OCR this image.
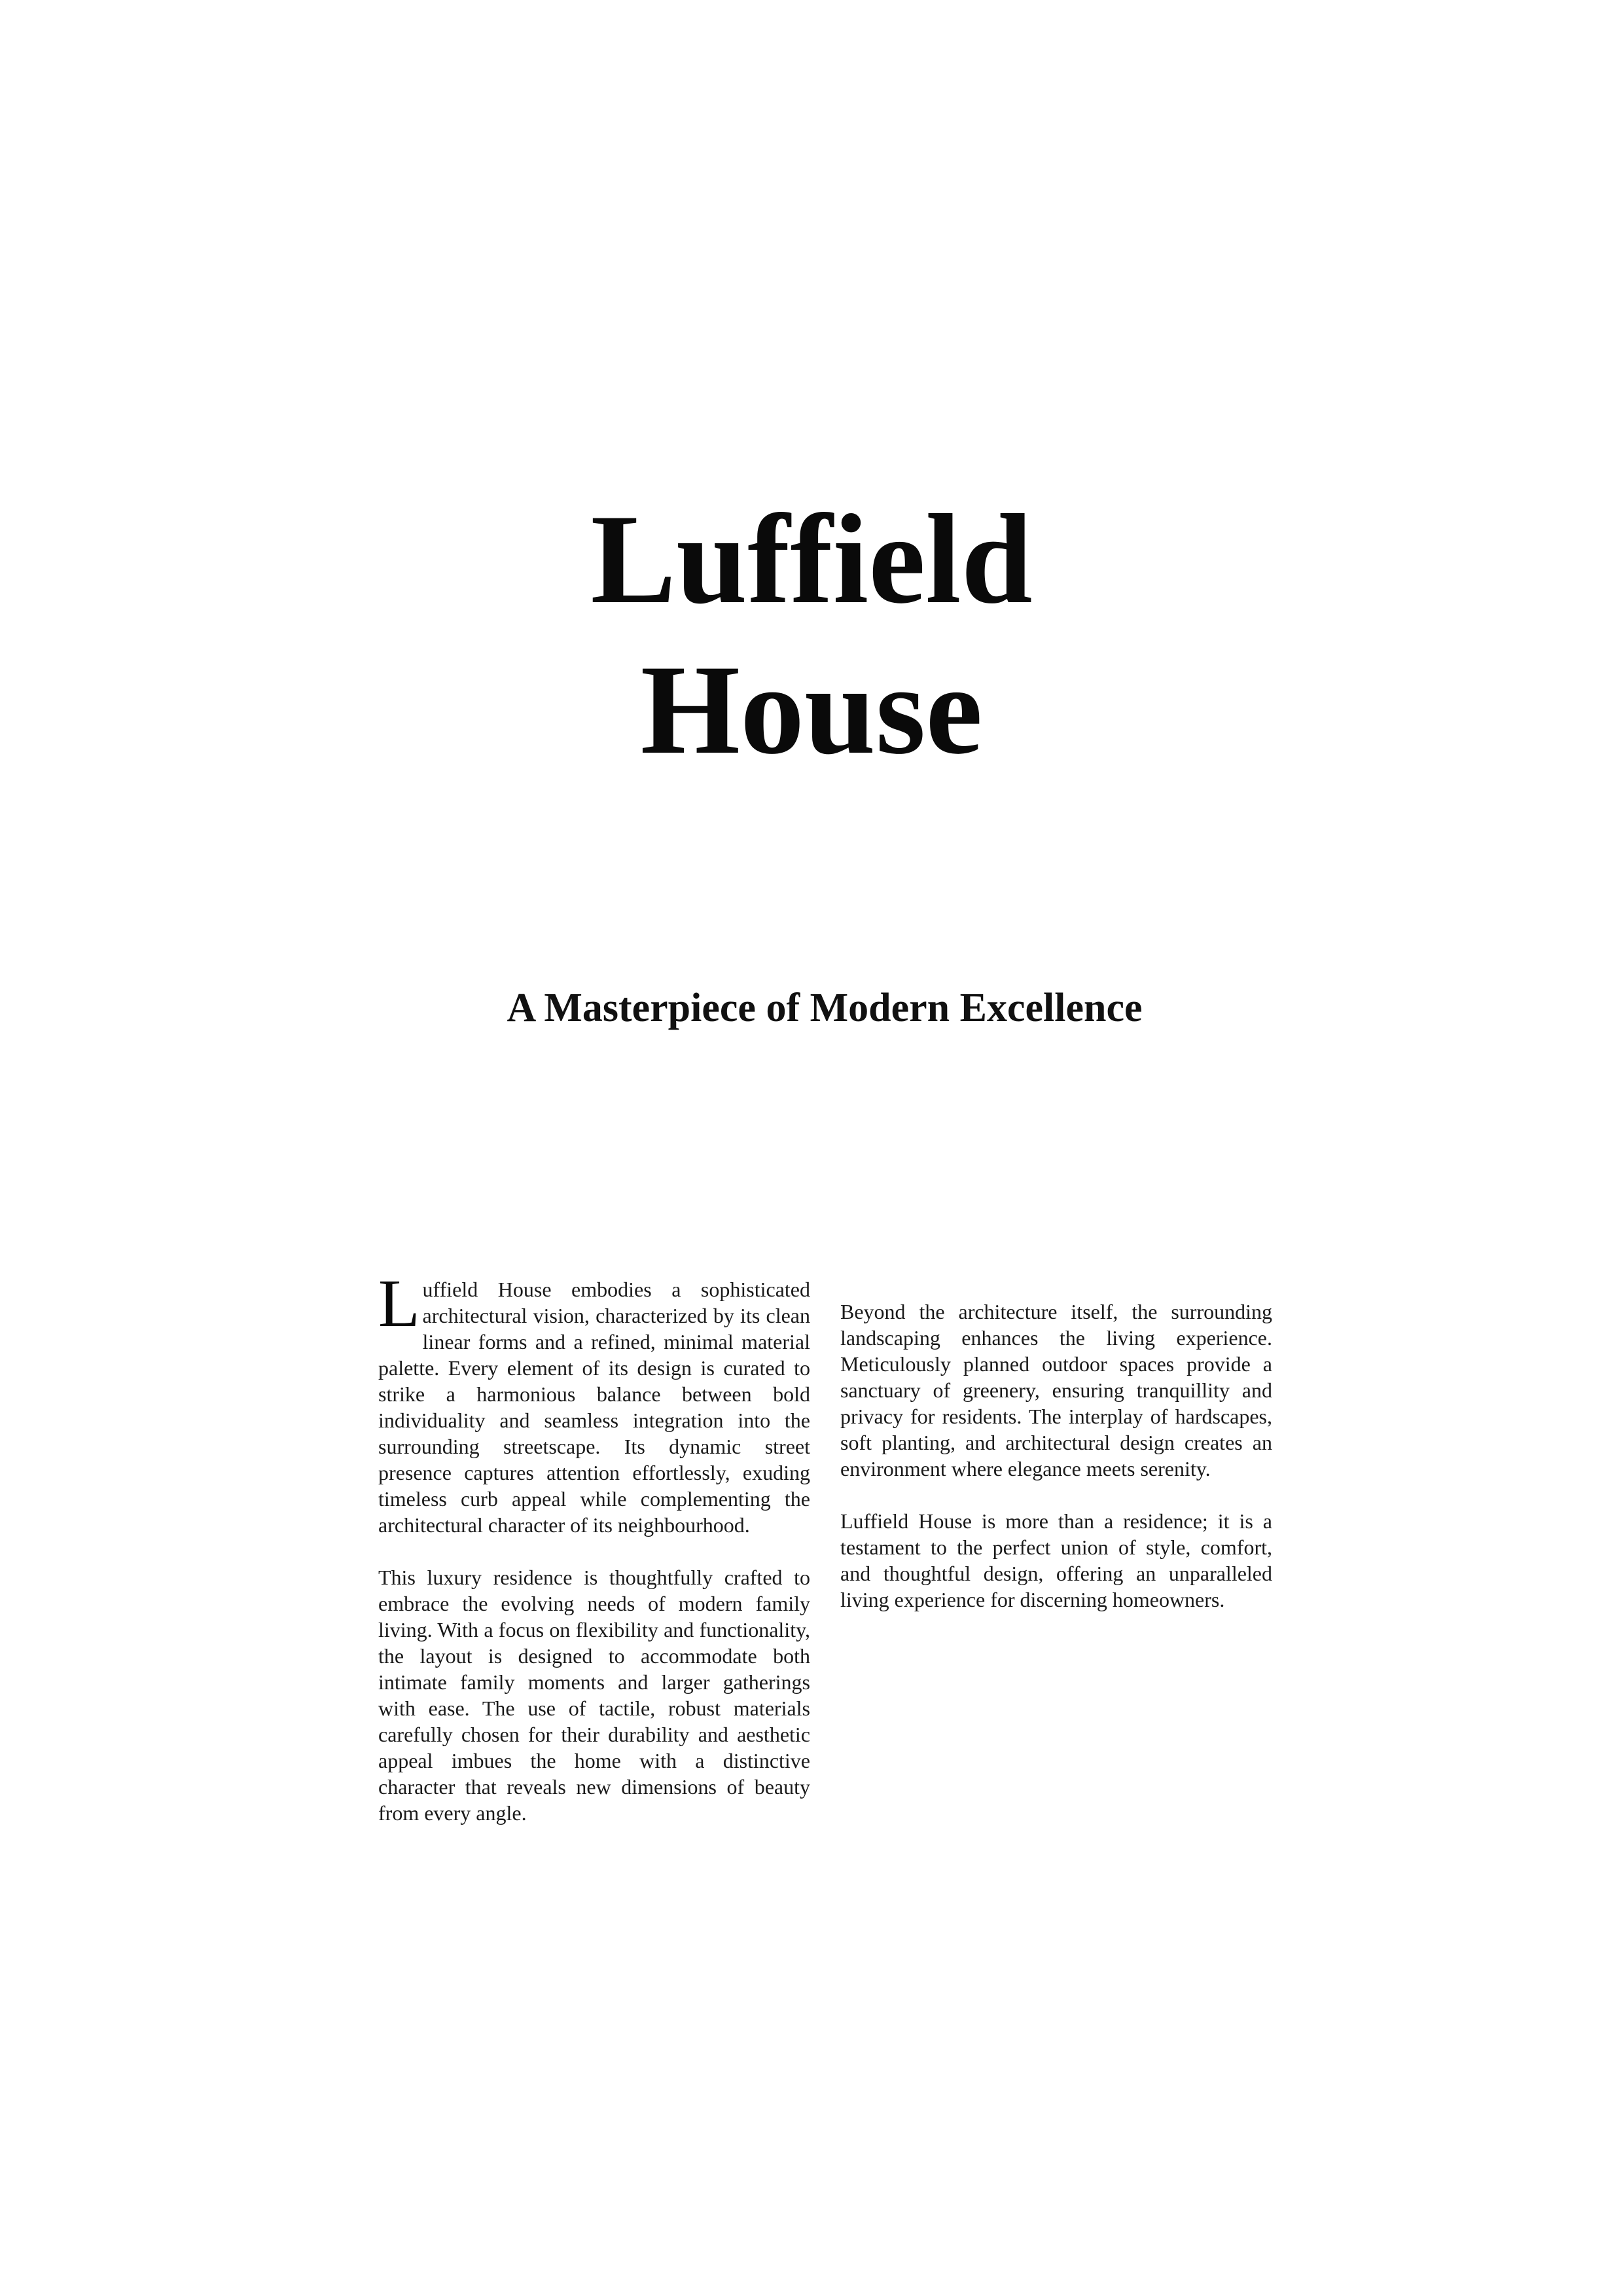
Luffield
House
A Masterpiece of Modern Excellence

Luffield House embodies a sophisticated architectural vision, characterized by its clean linear forms and a refined, minimal material palette. Every element of its design is curated to strike a harmonious balance between bold individuality and seamless integration into the surrounding streetscape. Its dynamic street presence captures attention effortlessly, exuding timeless curb appeal while complementing the architectural character of its neighbourhood.

This luxury residence is thoughtfully crafted to embrace the evolving needs of modern family living. With a focus on flexibility and functionality, the layout is designed to accommodate both intimate family moments and larger gatherings with ease. The use of tactile, robust materials carefully chosen for their durability and aesthetic appeal imbues the home with a distinctive character that reveals new dimensions of beauty from every angle.

Beyond the architecture itself, the surrounding landscaping enhances the living experience. Meticulously planned outdoor spaces provide a sanctuary of greenery, ensuring tranquillity and privacy for residents. The interplay of hardscapes, soft planting, and architectural design creates an environment where elegance meets serenity.

Luffield House is more than a residence; it is a testament to the perfect union of style, comfort, and thoughtful design, offering an unparalleled living experience for discerning homeowners.
